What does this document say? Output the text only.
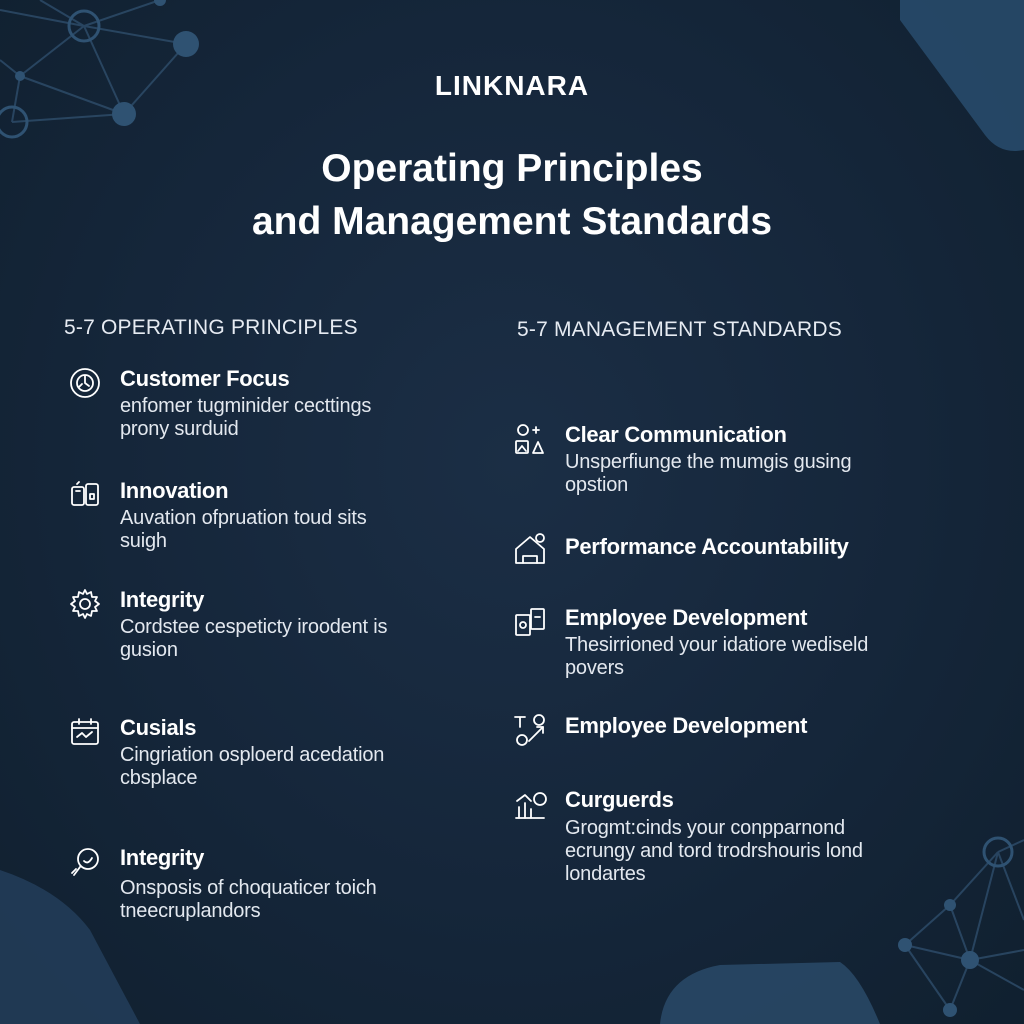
LINKNARA
Operating Principles
and Management Standards
5-7 OPERATING PRINCIPLES
Customer Focus
enfomer tugminider cecttings
prony surduid
Innovation
Auvation ofpruation toud sits
suigh
Integrity
Cordstee cespeticty iroodent is
gusion
Cusials
Cingriation osploerd acedation
cbsplace
Integrity
Onsposis of choquaticer toich
tneecruplandors
5-7 MANAGEMENT STANDARDS
Clear Communication
Unsperfiunge the mumgis gusing
opstion
Performance Accountability
Employee Development
Thesirrioned your idatiore wediseld
povers
Employee Development
Curguerds
Grogmt:cinds your conpparnond
ecrungy and tord trodrshouris lond
londartes
